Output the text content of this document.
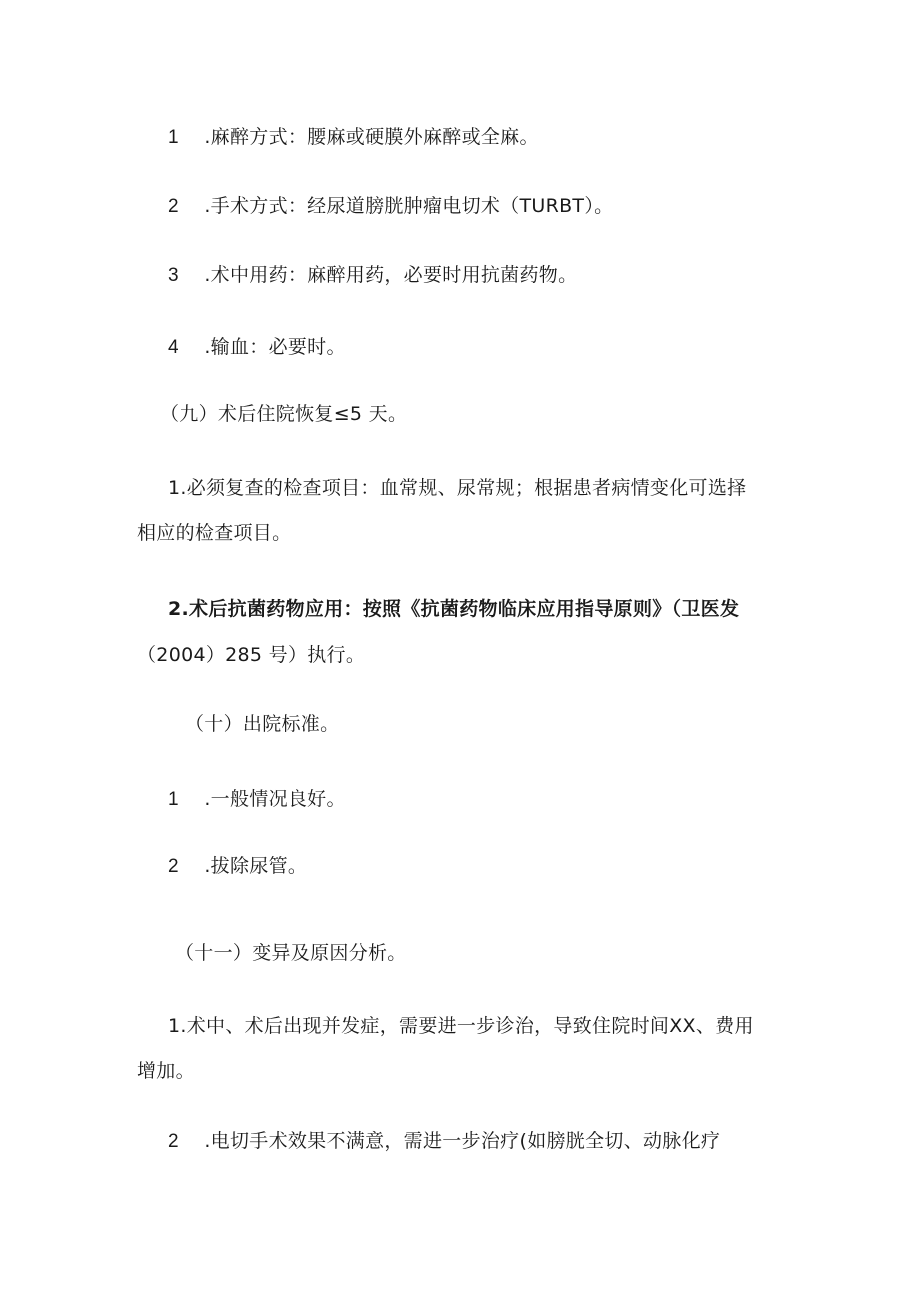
1 .麻醉方式：腰麻或硬膜外麻醉或全麻。
2 .手术方式：经尿道膀胱肿瘤电切术（TURBT）。
3 .术中用药：麻醉用药，必要时用抗菌药物。
4 .输血：必要时。
（九）术后住院恢复≤5 天。
1.必须复查的检查项目：血常规、尿常规；根据患者病情变化可选择
相应的检查项目。
2.术后抗菌药物应用：按照《抗菌药物临床应用指导原则》（卫医发
（2004）285 号）执行。
（十）出院标准。
1 .一般情况良好。
2 .拔除尿管。
（十一）变异及原因分析。
1.术中、术后出现并发症，需要进一步诊治，导致住院时间XX、费用
增加。
2 .电切手术效果不满意，需进一步治疗(如膀胱全切、动脉化疗
